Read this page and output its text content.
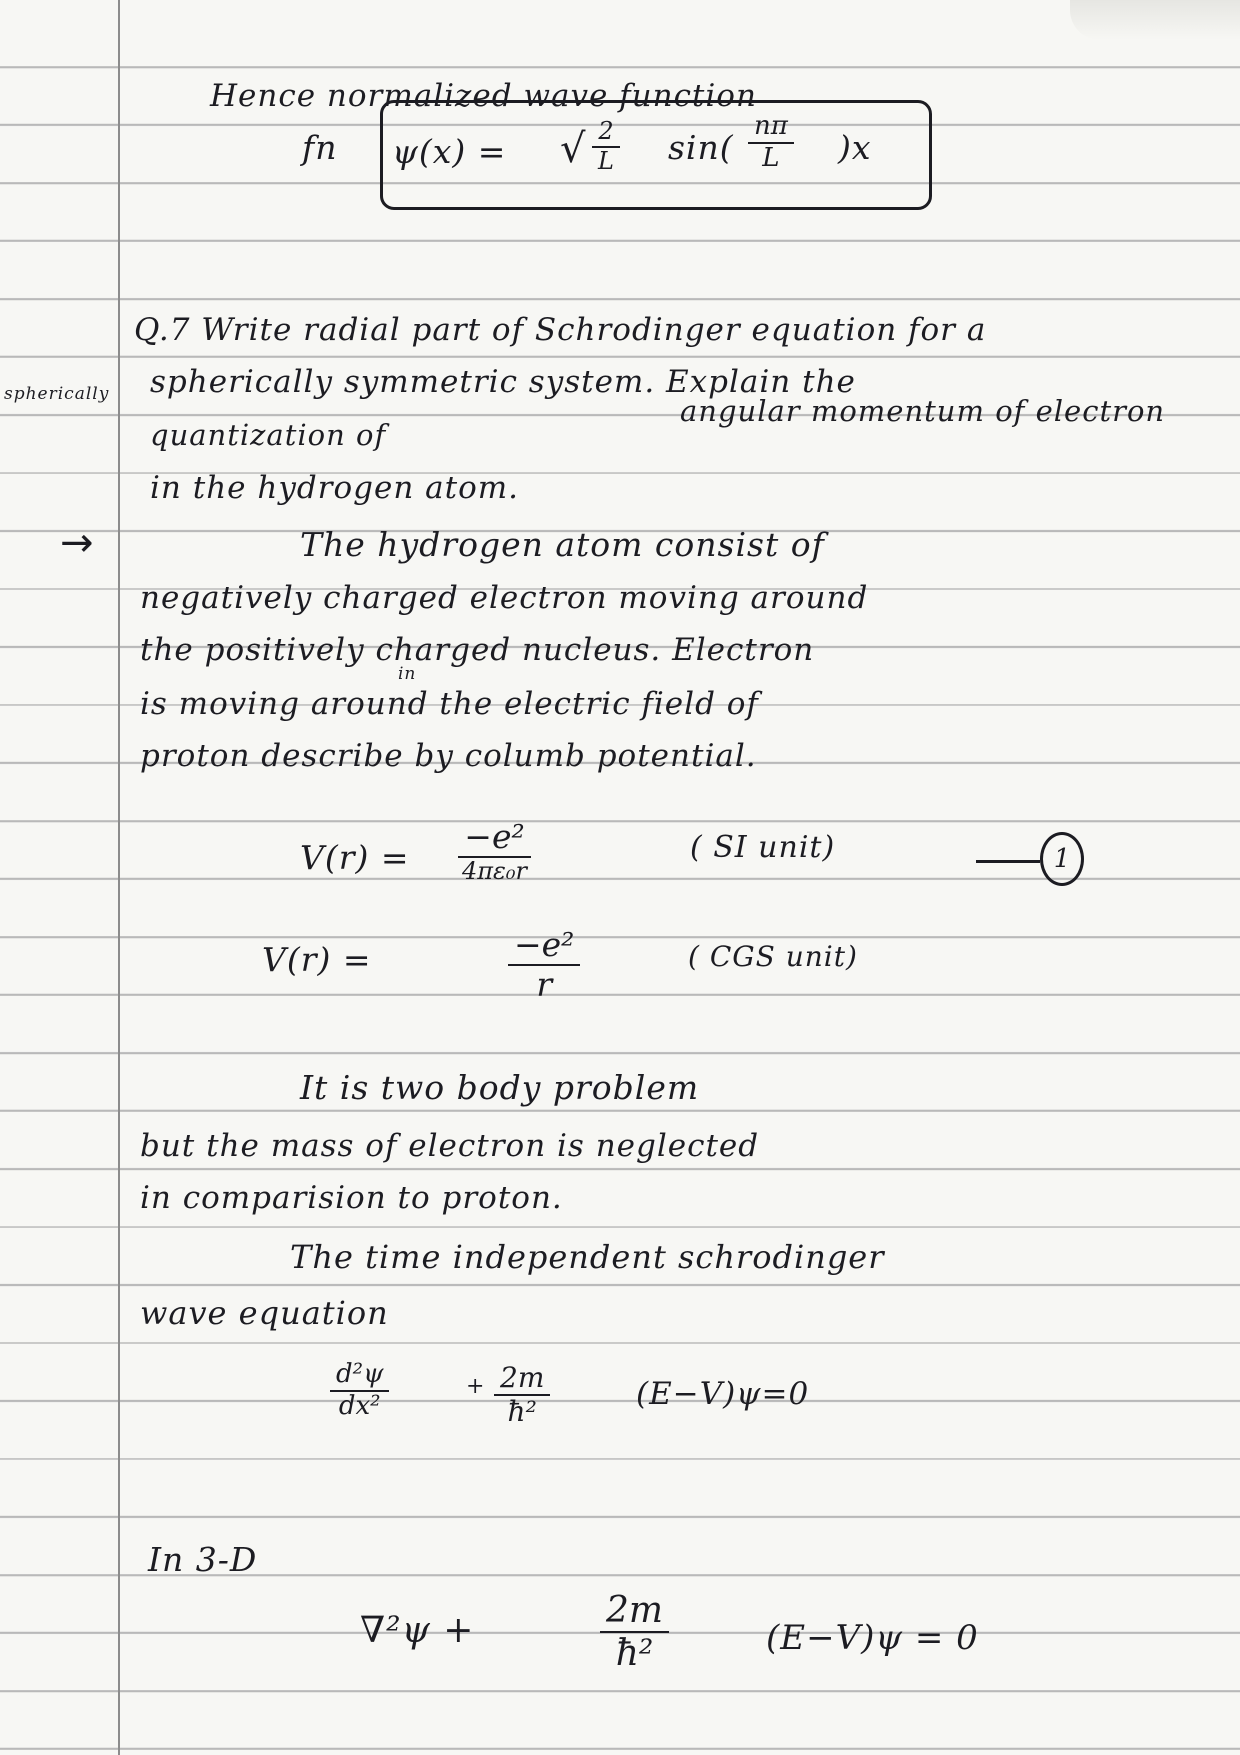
Hence normalized wave function
fn ψ(x) = √ $\frac{2}{L} \sin( \frac{n\pi}{L} )x$
Q.7 Write radial part of Schrodinger equation for a
spherically spherically symmetric system. Explain the
angular momentum of electron
quantization of
in the hydrogen atom.
→	The hydrogen atom consist of
negatively charged electron moving around
the positively charged nucleus. Electron
in
is moving around the electric field of
proton describe by columb potential.
V(r) =
−e²
4πε₀r
( SI unit)	1
V(r) =	$\frac{\text{−e²}}{r}$	( CGS unit)
It is two body problem
but the mass of electron is neglected
in comparision to proton.
The time independent schrodinger
wave equation
$\frac{\text{d²ψ}}{\text{dx²}}$	+ $\frac{2m}{\text{ħ²}}$	(E−V)ψ=0
In 3-D
∇²ψ +	$\frac{2m}{\text{ħ²}}$	(E−V)ψ = 0
